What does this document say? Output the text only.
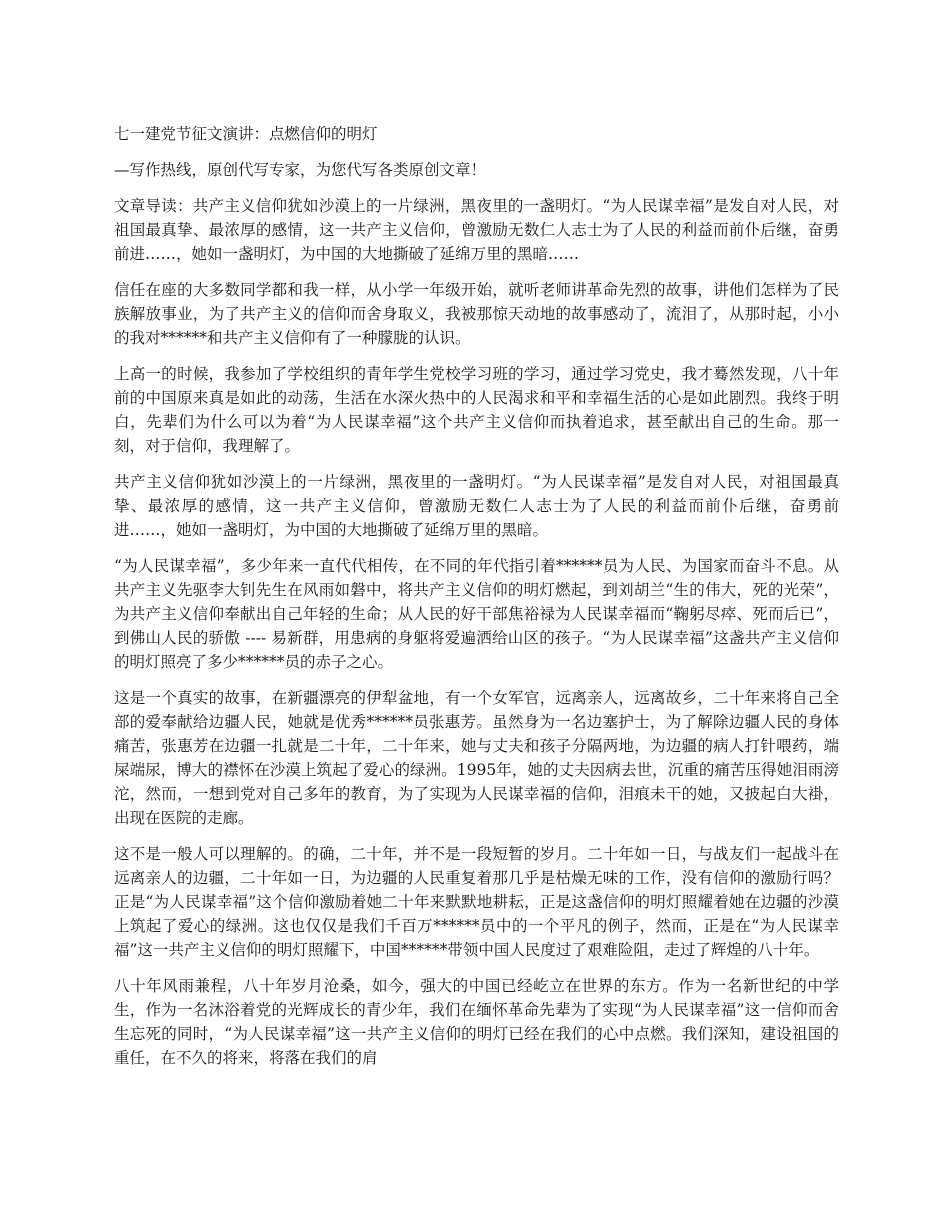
七一建党节征文演讲：点燃信仰的明灯

—写作热线，原创代写专家，为您代写各类原创文章！

文章导读：共产主义信仰犹如沙漠上的一片绿洲，黑夜里的一盏明灯。“为人民谋幸福”是发自对人民，对祖国最真挚、最浓厚的感情，这一共产主义信仰，曾激励无数仁人志士为了人民的利益而前仆后继，奋勇前进……，她如一盏明灯，为中国的大地撕破了延绵万里的黑暗……

信任在座的大多数同学都和我一样，从小学一年级开始，就听老师讲革命先烈的故事，讲他们怎样为了民族解放事业，为了共产主义的信仰而舍身取义，我被那惊天动地的故事感动了，流泪了，从那时起，小小的我对******和共产主义信仰有了一种朦胧的认识。

上高一的时候，我参加了学校组织的青年学生党校学习班的学习，通过学习党史，我才蓦然发现，八十年前的中国原来真是如此的动荡，生活在水深火热中的人民渴求和平和幸福生活的心是如此剧烈。我终于明白，先辈们为什么可以为着“为人民谋幸福”这个共产主义信仰而执着追求，甚至献出自己的生命。那一刻，对于信仰，我理解了。

共产主义信仰犹如沙漠上的一片绿洲，黑夜里的一盏明灯。“为人民谋幸福”是发自对人民，对祖国最真挚、最浓厚的感情，这一共产主义信仰，曾激励无数仁人志士为了人民的利益而前仆后继，奋勇前进……，她如一盏明灯，为中国的大地撕破了延绵万里的黑暗。

“为人民谋幸福”，多少年来一直代代相传，在不同的年代指引着******员为人民、为国家而奋斗不息。从共产主义先驱李大钊先生在风雨如磐中，将共产主义信仰的明灯燃起，到刘胡兰“生的伟大，死的光荣”，为共产主义信仰奉献出自己年轻的生命；从人民的好干部焦裕禄为人民谋幸福而“鞠躬尽瘁、死而后已”，到佛山人民的骄傲 ---- 易新群，用患病的身躯将爱遍洒给山区的孩子。“为人民谋幸福”这盏共产主义信仰的明灯照亮了多少******员的赤子之心。

这是一个真实的故事，在新疆漂亮的伊犁盆地，有一个女军官，远离亲人，远离故乡，二十年来将自己全部的爱奉献给边疆人民，她就是优秀******员张惠芳。虽然身为一名边塞护士，为了解除边疆人民的身体痛苦，张惠芳在边疆一扎就是二十年，二十年来，她与丈夫和孩子分隔两地，为边疆的病人打针喂药，端屎端尿，博大的襟怀在沙漠上筑起了爱心的绿洲。1995年，她的丈夫因病去世，沉重的痛苦压得她泪雨滂沱，然而，一想到党对自己多年的教育，为了实现为人民谋幸福的信仰，泪痕未干的她，又披起白大褂，出现在医院的走廊。

这不是一般人可以理解的。的确，二十年，并不是一段短暂的岁月。二十年如一日，与战友们一起战斗在远离亲人的边疆，二十年如一日，为边疆的人民重复着那几乎是枯燥无味的工作，没有信仰的激励行吗？正是“为人民谋幸福”这个信仰激励着她二十年来默默地耕耘，正是这盏信仰的明灯照耀着她在边疆的沙漠上筑起了爱心的绿洲。这也仅仅是我们千百万******员中的一个平凡的例子，然而，正是在“为人民谋幸福”这一共产主义信仰的明灯照耀下，中国******带领中国人民度过了艰难险阻，走过了辉煌的八十年。

八十年风雨兼程，八十年岁月沧桑，如今，强大的中国已经屹立在世界的东方。作为一名新世纪的中学生，作为一名沐浴着党的光辉成长的青少年，我们在缅怀革命先辈为了实现“为人民谋幸福”这一信仰而舍生忘死的同时，“为人民谋幸福”这一共产主义信仰的明灯已经在我们的心中点燃。我们深知，建设祖国的重任，在不久的将来，将落在我们的肩
